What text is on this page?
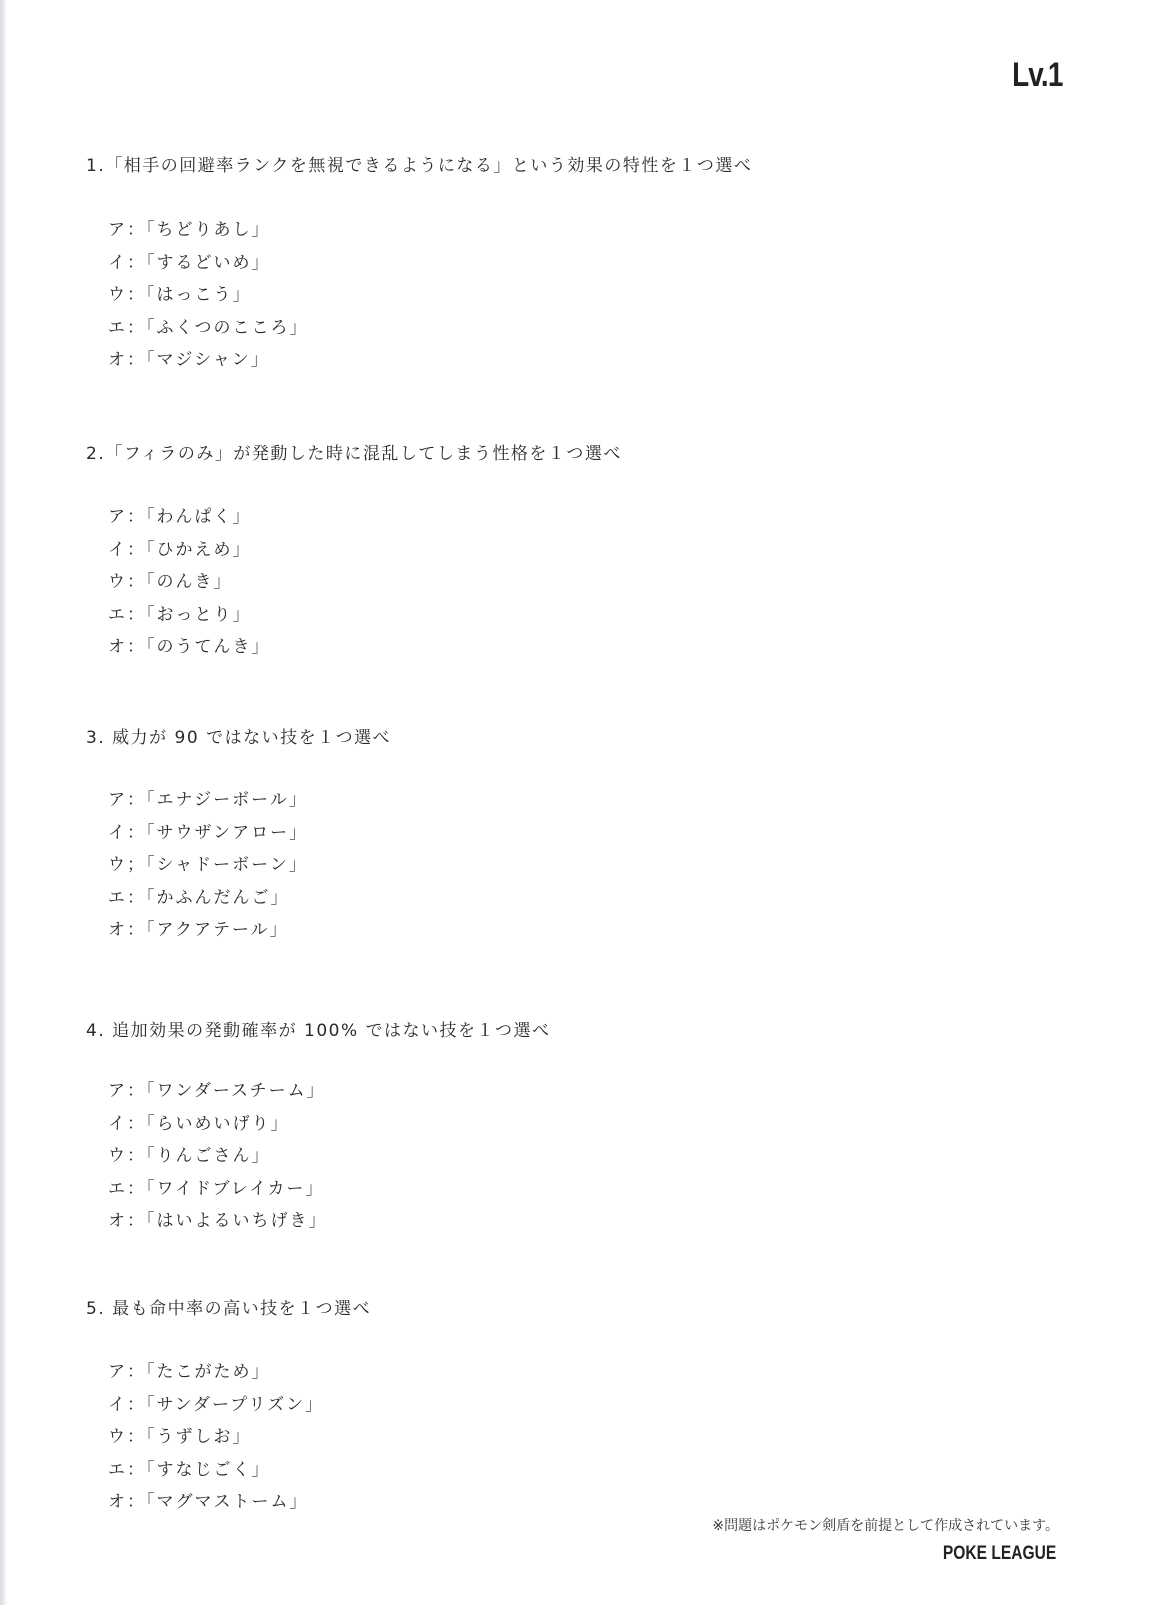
Lv.1
1.「相手の回避率ランクを無視できるようになる」という効果の特性を１つ選べ
ア：「ちどりあし」
イ：「するどいめ」
ウ：「はっこう」
エ：「ふくつのこころ」
オ：「マジシャン」
2.「フィラのみ」が発動した時に混乱してしまう性格を１つ選べ
ア：「わんぱく」
イ：「ひかえめ」
ウ：「のんき」
エ：「おっとり」
オ：「のうてんき」
3. 威力が 90 ではない技を１つ選べ
ア：「エナジーボール」
イ：「サウザンアロー」
ウ；「シャドーボーン」
エ：「かふんだんご」
オ：「アクアテール」
4. 追加効果の発動確率が 100% ではない技を１つ選べ
ア：「ワンダースチーム」
イ：「らいめいげり」
ウ：「りんごさん」
エ：「ワイドブレイカー」
オ：「はいよるいちげき」
5. 最も命中率の高い技を１つ選べ
ア：「たこがため」
イ：「サンダープリズン」
ウ：「うずしお」
エ：「すなじごく」
オ：「マグマストーム」
※問題はポケモン剣盾を前提として作成されています。
POKE LEAGUE
